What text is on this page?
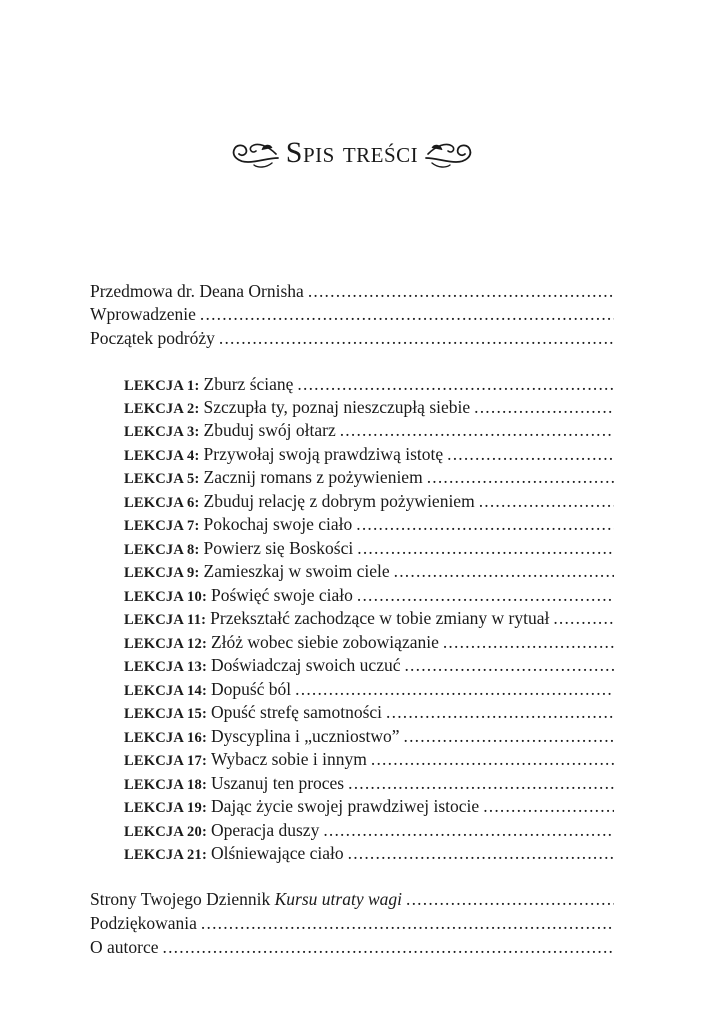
Spis treści
Przedmowa dr. Deana Ornisha
.....
Wprowadzenie
.....
Początek podróży
.....
LEKCJA 1: Zburz ścianę
.....
LEKCJA 2: Szczupła ty, poznaj nieszczupłą siebie
.....
LEKCJA 3: Zbuduj swój ołtarz
.....
LEKCJA 4: Przywołaj swoją prawdziwą istotę
.....
LEKCJA 5: Zacznij romans z pożywieniem
.....
LEKCJA 6: Zbuduj relację z dobrym pożywieniem
.....
LEKCJA 7: Pokochaj swoje ciało
.....
LEKCJA 8: Powierz się Boskości
.....
LEKCJA 9: Zamieszkaj w swoim ciele
.....
LEKCJA 10: Poświęć swoje ciało
.....
LEKCJA 11: Przekształć zachodzące w tobie zmiany w rytuał
.....
LEKCJA 12: Złóż wobec siebie zobowiązanie
.....
LEKCJA 13: Doświadczaj swoich uczuć
.....
LEKCJA 14: Dopuść ból
.....
LEKCJA 15: Opuść strefę samotności
.....
LEKCJA 16: Dyscyplina i „uczniostwo”
.....
LEKCJA 17: Wybacz sobie i innym
.....
LEKCJA 18: Uszanuj ten proces
.....
LEKCJA 19: Dając życie swojej prawdziwej istocie
.....
LEKCJA 20: Operacja duszy
.....
LEKCJA 21: Olśniewające ciało
.....
Strony Twojego Dziennik Kursu utraty wagi
.....
Podziękowania
.....
O autorce
.....
